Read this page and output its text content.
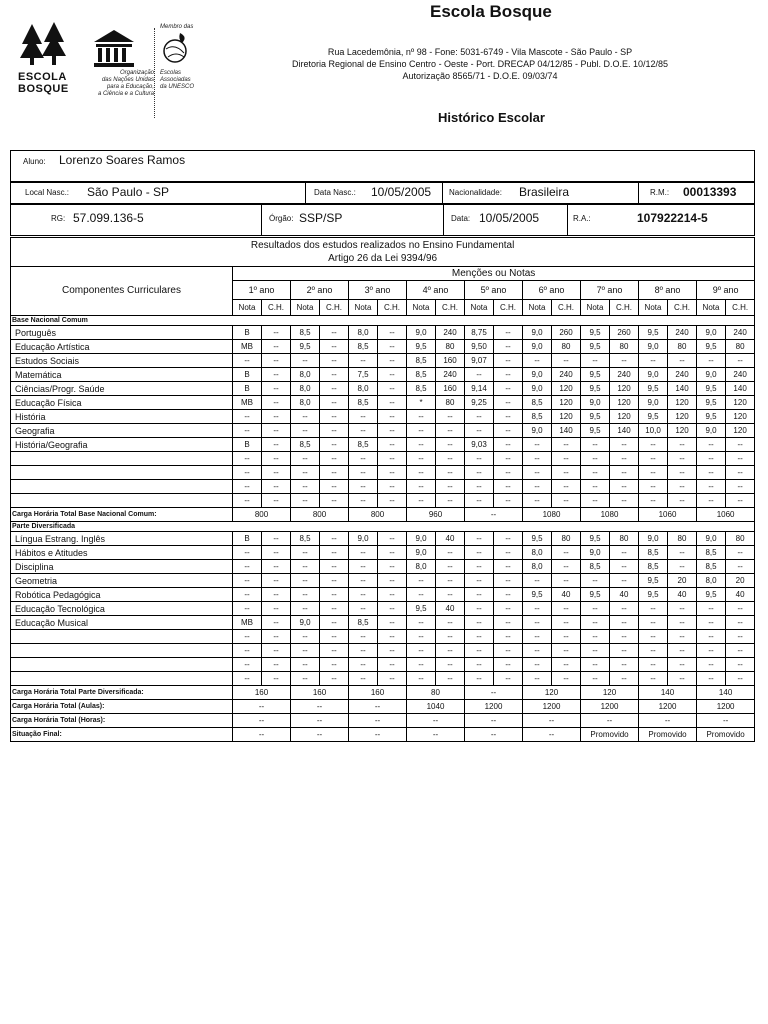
ESCOLA
BOSQUE
Organização
das Nações Unidas
para a Educação,
a Ciência e a Cultura
Membro das
Escolas
Associadas
da UNESCO
Escola Bosque
Rua Lacedemônia, nº 98 - Fone: 5031-6749 - Vila Mascote - São Paulo - SP
Diretoria Regional de Ensino Centro - Oeste - Port. DRECAP 04/12/85 - Publ. D.O.E. 10/12/85
Autorização 8565/71 - D.O.E. 09/03/74
Histórico Escolar
Aluno: Lorenzo Soares Ramos
Local Nasc.: São Paulo - SP	Data Nasc.: 10/05/2005 Nacionalidade: Brasileira	R.M.: 00013393
RG: 57.099.136-5	Órgão: SSP/SP	Data: 10/05/2005	R.A.:	107922214-5
Resultados dos estudos realizados no Ensino Fundamental
Artigo 26 da Lei 9394/96																		

Componentes Curriculares	Menções ou Notas																	
	1º ano		2º ano		3º ano		4º ano		5º ano		6º ano		7º ano		8º ano		9º ano	
	Nota	C.H.	Nota	C.H.	Nota	C.H.	Nota	C.H.	Nota	C.H.	Nota	C.H.	Nota	C.H.	Nota	C.H.	Nota	C.H.
Base Nacional Comum																		
Português	B	--	8,5	--	8,0	--	9,0	240	8,75	--	9,0	260	9,5	260	9,5	240	9,0	240
Educação Artística	MB	--	9,5	--	8,5	--	9,5	80	9,50	--	9,0	80	9,5	80	9,0	80	9,5	80
Estudos Sociais	--	--	--	--	--	--	8,5	160	9,07	--	--	--	--	--	--	--	--	--
Matemática	B	--	8,0	--	7,5	--	8,5	240	--	--	9,0	240	9,5	240	9,0	240	9,0	240
Ciências/Progr. Saúde	B	--	8,0	--	8,0	--	8,5	160	9,14	--	9,0	120	9,5	120	9,5	140	9,5	140
Educação Física	MB	--	8,0	--	8,5	--	*	80	9,25	--	8,5	120	9,0	120	9,0	120	9,5	120
História	--	--	--	--	--	--	--	--	--	--	8,5	120	9,5	120	9,5	120	9,5	120
Geografia	--	--	--	--	--	--	--	--	--	--	9,0	140	9,5	140	10,0	120	9,0	120
História/Geografia	B	--	8,5	--	8,5	--	--	--	9,03	--	--	--	--	--	--	--	--	--
	--	--	--	--	--	--	--	--	--	--	--	--	--	--	--	--	--	--
	--	--	--	--	--	--	--	--	--	--	--	--	--	--	--	--	--	--
	--	--	--	--	--	--	--	--	--	--	--	--	--	--	--	--	--	--
	--	--	--	--	--	--	--	--	--	--	--	--	--	--	--	--	--	--
Carga Horária Total Base Nacional Comum:	800		800		800		960		--		1080		1080		1060		1060	
Parte Diversificada																		
Língua Estrang. Inglês	B	--	8,5	--	9,0	--	9,0	40	--	--	9,5	80	9,5	80	9,0	80	9,0	80
Hábitos e Atitudes	--	--	--	--	--	--	9,0	--	--	--	8,0	--	9,0	--	8,5	--	8,5	--
Disciplina	--	--	--	--	--	--	8,0	--	--	--	8,0	--	8,5	--	8,5	--	8,5	--
Geometria	--	--	--	--	--	--	--	--	--	--	--	--	--	--	9,5	20	8,0	20
Robótica Pedagógica	--	--	--	--	--	--	--	--	--	--	9,5	40	9,5	40	9,5	40	9,5	40
Educação Tecnológica	--	--	--	--	--	--	9,5	40	--	--	--	--	--	--	--	--	--	--
Educação Musical	MB	--	9,0	--	8,5	--	--	--	--	--	--	--	--	--	--	--	--	--
	--	--	--	--	--	--	--	--	--	--	--	--	--	--	--	--	--	--
	--	--	--	--	--	--	--	--	--	--	--	--	--	--	--	--	--	--
	--	--	--	--	--	--	--	--	--	--	--	--	--	--	--	--	--	--
	--	--	--	--	--	--	--	--	--	--	--	--	--	--	--	--	--	--
Carga Horária Total Parte Diversificada:	160		160		160		80		--		120		120		140		140	
Carga Horária Total (Aulas):	--		--		--		1040		1200		1200		1200		1200		1200	
Carga Horária Total (Horas):	--		--		--		--		--		--		--		--		--	
Situação Final:	--		--		--		--		--		--		Promovido		Promovido		Promovido	
